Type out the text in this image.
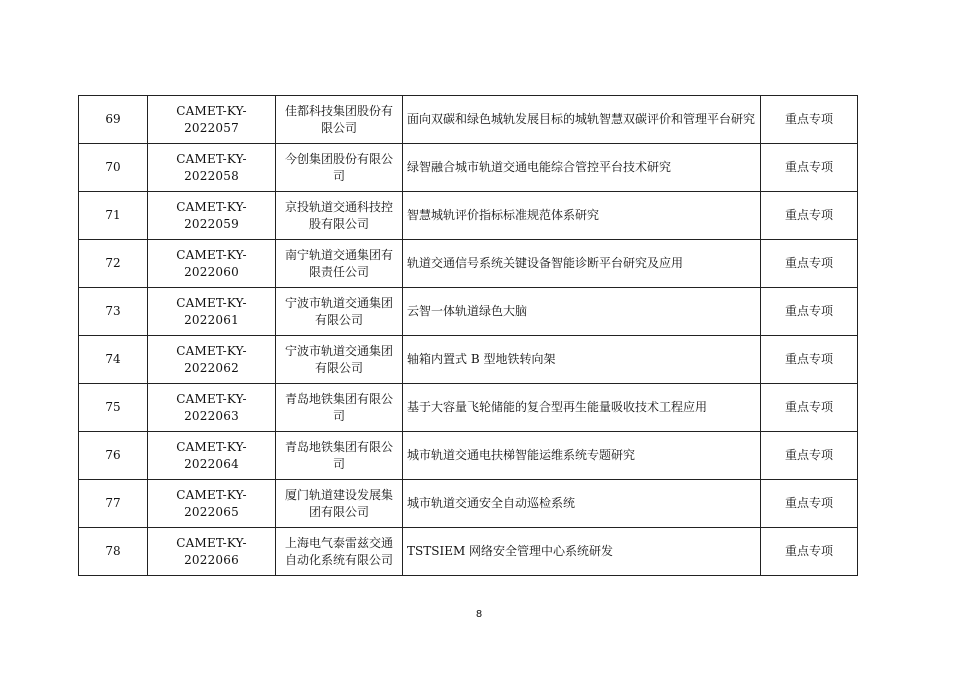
69	CAMET-KY-2022057	佳都科技集团股份有限公司	面向双碳和绿色城轨发展目标的城轨智慧双碳评价和管理平台研究	重点专项
70	CAMET-KY-2022058	今创集团股份有限公司	绿智融合城市轨道交通电能综合管控平台技术研究	重点专项
71	CAMET-KY-2022059	京投轨道交通科技控股有限公司	智慧城轨评价指标标准规范体系研究	重点专项
72	CAMET-KY-2022060	南宁轨道交通集团有限责任公司	轨道交通信号系统关键设备智能诊断平台研究及应用	重点专项
73	CAMET-KY-2022061	宁波市轨道交通集团有限公司	云智一体轨道绿色大脑	重点专项
74	CAMET-KY-2022062	宁波市轨道交通集团有限公司	轴箱内置式 B 型地铁转向架	重点专项
75	CAMET-KY-2022063	青岛地铁集团有限公司	基于大容量飞轮储能的复合型再生能量吸收技术工程应用	重点专项
76	CAMET-KY-2022064	青岛地铁集团有限公司	城市轨道交通电扶梯智能运维系统专题研究	重点专项
77	CAMET-KY-2022065	厦门轨道建设发展集团有限公司	城市轨道交通安全自动巡检系统	重点专项
78	CAMET-KY-2022066	上海电气泰雷兹交通自动化系统有限公司	TSTSIEM 网络安全管理中心系统研发	重点专项
8
